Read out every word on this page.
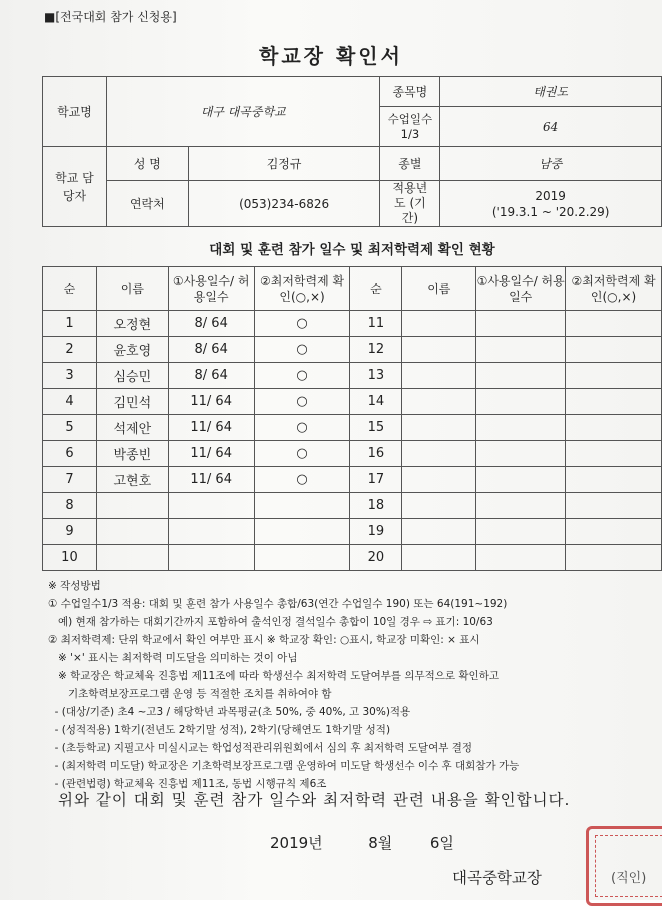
■[전국대회 참가 신청용]
학교장 확인서
학교명	대구 대곡중학교		종목명	태권도
			수업일수 1/3	64
학교 담당자	성 명	김정규	종별	남중
	연락처	(053)234-6826	적용년도 (기간)	2019
('19.3.1 ~ '20.2.29)
대회 및 훈련 참가 일수 및 최저학력제 확인 현황
순	이름	①사용일수/ 허용일수	②최저학력제 확인(○,×)	순	이름	①사용일수/ 허용일수	②최저학력제 확인(○,×)
1	오정현	8/ 64	○	11			
2	윤호영	8/ 64	○	12			
3	심승민	8/ 64	○	13			
4	김민석	11/ 64	○	14			
5	석제안	11/ 64	○	15			
6	박종빈	11/ 64	○	16			
7	고현호	11/ 64	○	17			
8				18			
9				19			
10				20			
※ 작성방법
① 수업일수1/3 적용: 대회 및 훈련 참가 사용일수 총합/63(연간 수업일수 190) 또는 64(191~192)
예) 현재 참가하는 대회기간까지 포함하여 출석인정 결석일수 총합이 10일 경우 ⇨ 표기: 10/63
② 최저학력제: 단위 학교에서 확인 여부만 표시 ※ 학교장 확인: ○표시, 학교장 미확인: × 표시
※ '×' 표시는 최저학력 미도달을 의미하는 것이 아님
※ 학교장은 학교체육 진흥법 제11조에 따라 학생선수 최저학력 도달여부를 의무적으로 확인하고
기초학력보장프로그램 운영 등 적절한 조치를 취하여야 함
- (대상/기준) 초4 ~고3 / 해당학년 과목평균(초 50%, 중 40%, 고 30%)적용
- (성적적용) 1학기(전년도 2학기말 성적), 2학기(당해연도 1학기말 성적)
- (초등학교) 지필고사 미실시교는 학업성적관리위원회에서 심의 후 최저학력 도달여부 결정
- (최저학력 미도달) 학교장은 기초학력보장프로그램 운영하여 미도달 학생선수 이수 후 대회참가 가능
- (관련법령) 학교체육 진흥법 제11조, 동법 시행규칙 제6조
위와 같이 대회 및 훈련 참가 일수와 최저학력 관련 내용을 확인합니다.
2019년	8월	6일
대곡중학교장	(직인)
